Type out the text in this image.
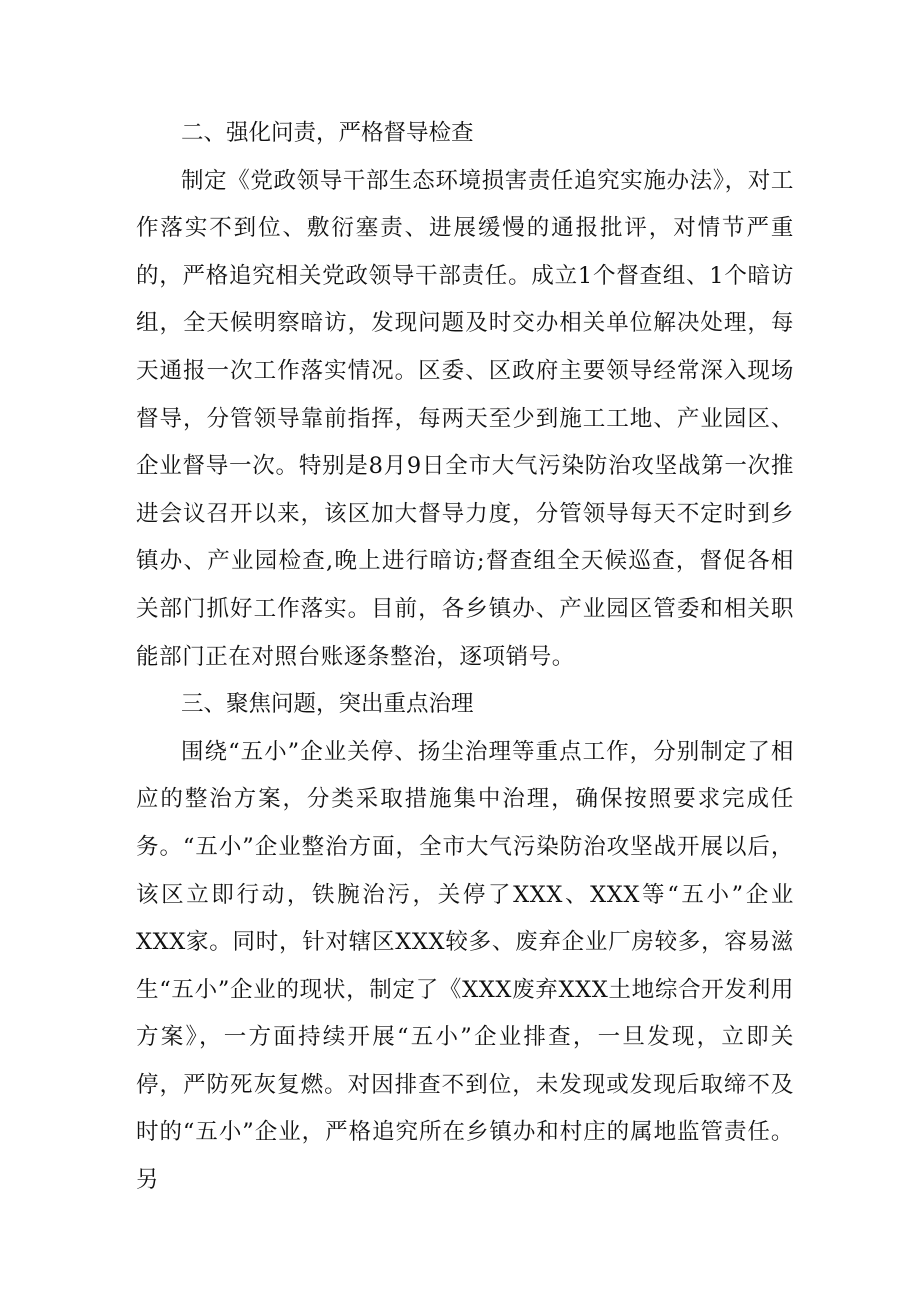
二、强化问责，严格督导检查

制定《党政领导干部生态环境损害责任追究实施办法》，对工作落实不到位、敷衍塞责、进展缓慢的通报批评，对情节严重的，严格追究相关党政领导干部责任。成立1个督查组、1个暗访组，全天候明察暗访，发现问题及时交办相关单位解决处理，每天通报一次工作落实情况。区委、区政府主要领导经常深入现场督导，分管领导靠前指挥，每两天至少到施工工地、产业园区、企业督导一次。特别是8月9日全市大气污染防治攻坚战第一次推进会议召开以来，该区加大督导力度，分管领导每天不定时到乡镇办、产业园检查,晚上进行暗访;督查组全天候巡查，督促各相关部门抓好工作落实。目前，各乡镇办、产业园区管委和相关职能部门正在对照台账逐条整治，逐项销号。

三、聚焦问题，突出重点治理

围绕“五小”企业关停、扬尘治理等重点工作，分别制定了相应的整治方案，分类采取措施集中治理，确保按照要求完成任务。“五小”企业整治方面，全市大气污染防治攻坚战开展以后，该区立即行动，铁腕治污，关停了XXX、XXX等“五小”企业XXX家。同时，针对辖区XXX较多、废弃企业厂房较多，容易滋生“五小”企业的现状，制定了《XXX废弃XXX土地综合开发利用方案》，一方面持续开展“五小”企业排查，一旦发现，立即关停，严防死灰复燃。对因排查不到位，未发现或发现后取缔不及时的“五小”企业，严格追究所在乡镇办和村庄的属地监管责任。另
